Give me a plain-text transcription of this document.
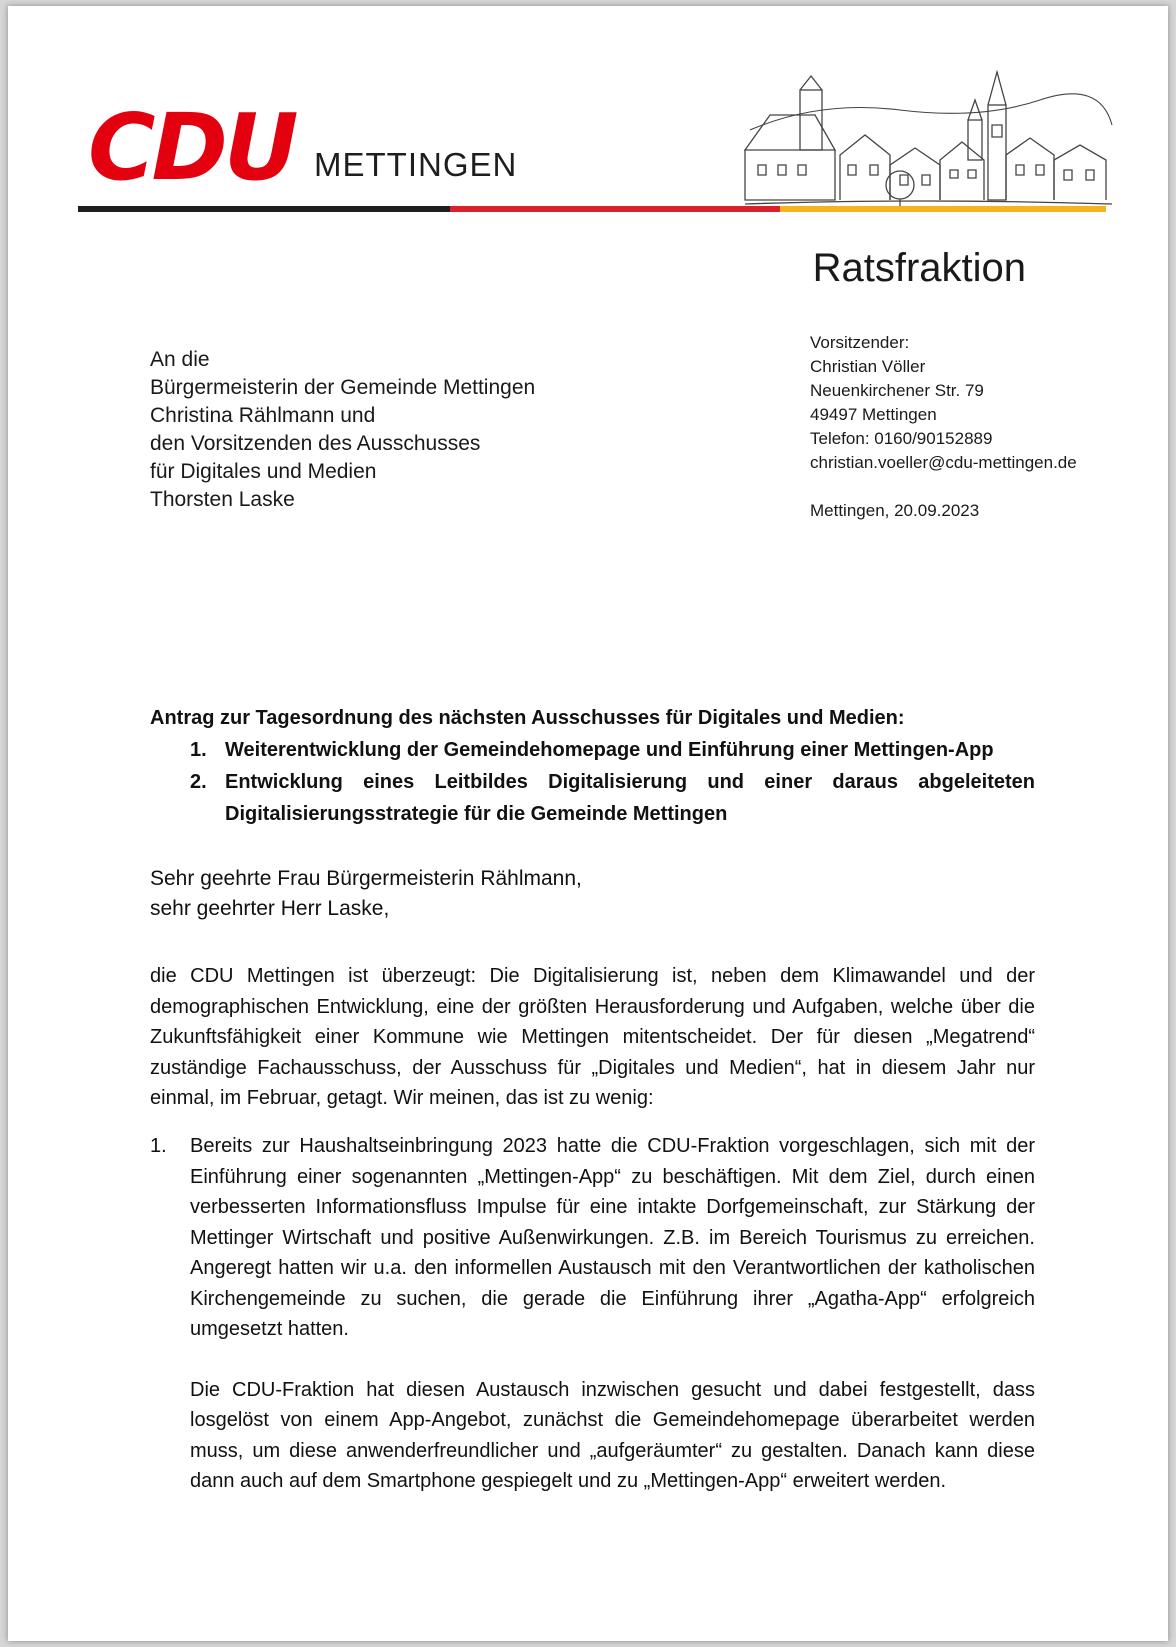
CDU METTINGEN
Ratsfraktion
An die
Bürgermeisterin der Gemeinde Mettingen
Christina Rählmann und
den Vorsitzenden des Ausschusses
für Digitales und Medien
Thorsten Laske
Vorsitzender:
Christian Völler
Neuenkirchener Str. 79
49497 Mettingen
Telefon: 0160/90152889
christian.voeller@cdu-mettingen.de
Mettingen, 20.09.2023
Antrag zur Tagesordnung des nächsten Ausschusses für Digitales und Medien:
1. Weiterentwicklung der Gemeindehomepage und Einführung einer Mettingen-App
2. Entwicklung eines Leitbildes Digitalisierung und einer daraus abgeleiteten Digitalisierungsstrategie für die Gemeinde Mettingen
Sehr geehrte Frau Bürgermeisterin Rählmann,
sehr geehrter Herr Laske,
die CDU Mettingen ist überzeugt: Die Digitalisierung ist, neben dem Klimawandel und der demographischen Entwicklung, eine der größten Herausforderung und Aufgaben, welche über die Zukunftsfähigkeit einer Kommune wie Mettingen mitentscheidet. Der für diesen „Megatrend“ zuständige Fachausschuss, der Ausschuss für „Digitales und Medien“, hat in diesem Jahr nur einmal, im Februar, getagt. Wir meinen, das ist zu wenig:
1. Bereits zur Haushaltseinbringung 2023 hatte die CDU-Fraktion vorgeschlagen, sich mit der Einführung einer sogenannten „Mettingen-App“ zu beschäftigen. Mit dem Ziel, durch einen verbesserten Informationsfluss Impulse für eine intakte Dorfgemeinschaft, zur Stärkung der Mettinger Wirtschaft und positive Außenwirkungen. Z.B. im Bereich Tourismus zu erreichen. Angeregt hatten wir u.a. den informellen Austausch mit den Verantwortlichen der katholischen Kirchengemeinde zu suchen, die gerade die Einführung ihrer „Agatha-App“ erfolgreich umgesetzt hatten.
Die CDU-Fraktion hat diesen Austausch inzwischen gesucht und dabei festgestellt, dass losgelöst von einem App-Angebot, zunächst die Gemeindehomepage überarbeitet werden muss, um diese anwenderfreundlicher und „aufgeräumter“ zu gestalten. Danach kann diese dann auch auf dem Smartphone gespiegelt und zu „Mettingen-App“ erweitert werden.
